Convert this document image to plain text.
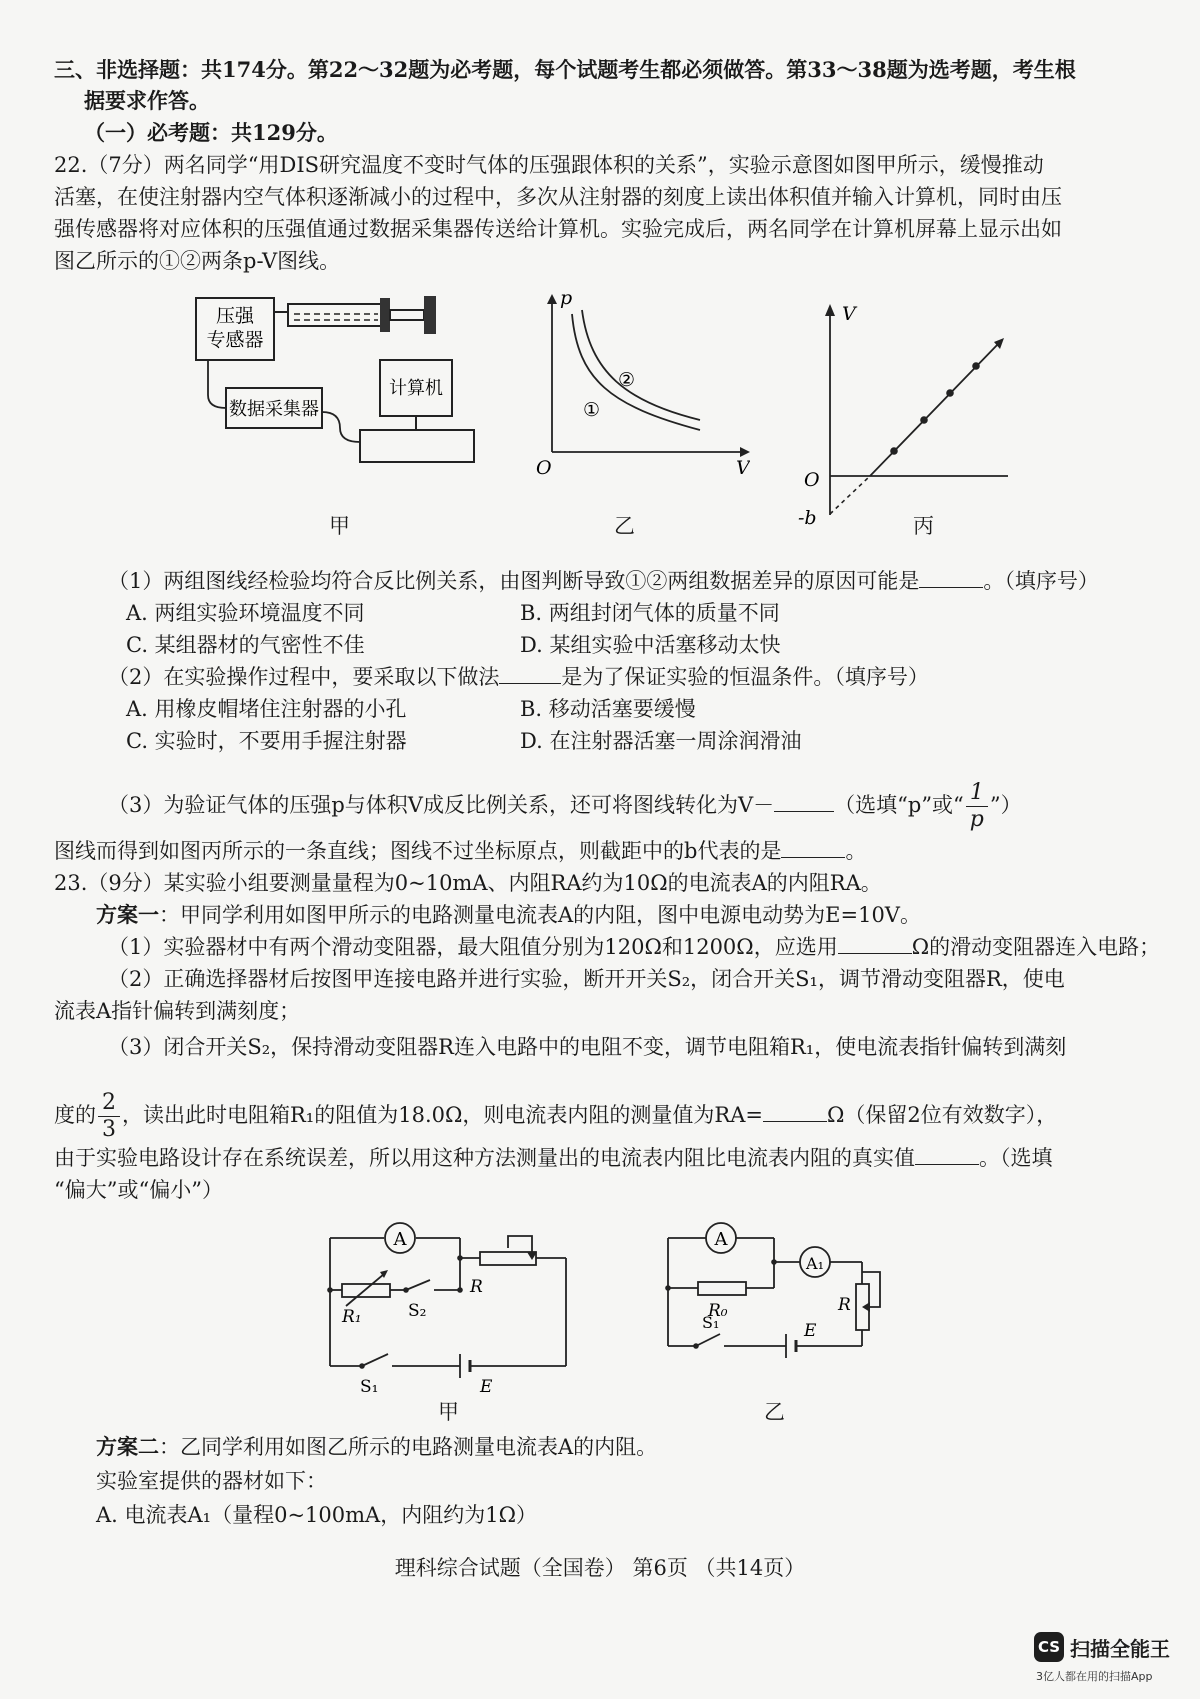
三、非选择题：共174分。第22～32题为必考题，每个试题考生都必须做答。第33～38题为选考题，考生根
据要求作答。
（一）必考题：共129分。
22.（7分）两名同学“用DIS研究温度不变时气体的压强跟体积的关系”，实验示意图如图甲所示，缓慢推动
活塞，在使注射器内空气体积逐渐减小的过程中，多次从注射器的刻度上读出体积值并输入计算机，同时由压
强传感器将对应体积的压强值通过数据采集器传送给计算机。实验完成后，两名同学在计算机屏幕上显示出如
图乙所示的①②两条p-V图线。
压强
专感器
数据采集器
计算机
甲
p
V
O
①
②
乙
V
O
-b	丙
（1）两组图线经检验均符合反比例关系，由图判断导致①②两组数据差异的原因可能是	。（填序号）
A. 两组实验环境温度不同	B. 两组封闭气体的质量不同
C. 某组器材的气密性不佳	D. 某组实验中活塞移动太快
（2）在实验操作过程中，要采取以下做法	是为了保证实验的恒温条件。（填序号）
A. 用橡皮帽堵住注射器的小孔	B. 移动活塞要缓慢
C. 实验时，不要用手握注射器	D. 在注射器活塞一周涂润滑油
（3）为验证气体的压强p与体积V成反比例关系，还可将图线转化为V－	（选填“p”或“ $\frac{1}{p}$ ”）
图线而得到如图丙所示的一条直线；图线不过坐标原点，则截距中的b代表的是	。
23.（9分）某实验小组要测量量程为0~10mA、内阻RA约为10Ω的电流表A的内阻RA。
方案一：甲同学利用如图甲所示的电路测量电流表A的内阻，图中电源电动势为E=10V。
（1）实验器材中有两个滑动变阻器，最大阻值分别为120Ω和1200Ω，应选用	Ω的滑动变阻器连入电路；
（2）正确选择器材后按图甲连接电路并进行实验，断开开关S₂，闭合开关S₁，调节滑动变阻器R，使电
流表A指针偏转到满刻度；
（3）闭合开关S₂，保持滑动变阻器R连入电路中的电阻不变，调节电阻箱R₁，使电流表指针偏转到满刻
度的 $\frac{2}{3}$ ，读出此时电阻箱R₁的阻值为18.0Ω，则电流表内阻的测量值为RA=	Ω（保留2位有效数字），
由于实验电路设计存在系统误差，所以用这种方法测量出的电流表内阻比电流表内阻的真实值	。（选填
“偏大”或“偏小”）
A
R
R₁	S₂
S₁	E
甲
A
A₁
R
R₀
S₁	E
乙
方案二：乙同学利用如图乙所示的电路测量电流表A的内阻。
实验室提供的器材如下：
A. 电流表A₁（量程0~100mA，内阻约为1Ω）
理科综合试题（全国卷） 第6页 （共14页）
CS 扫描全能王
3亿人都在用的扫描App
